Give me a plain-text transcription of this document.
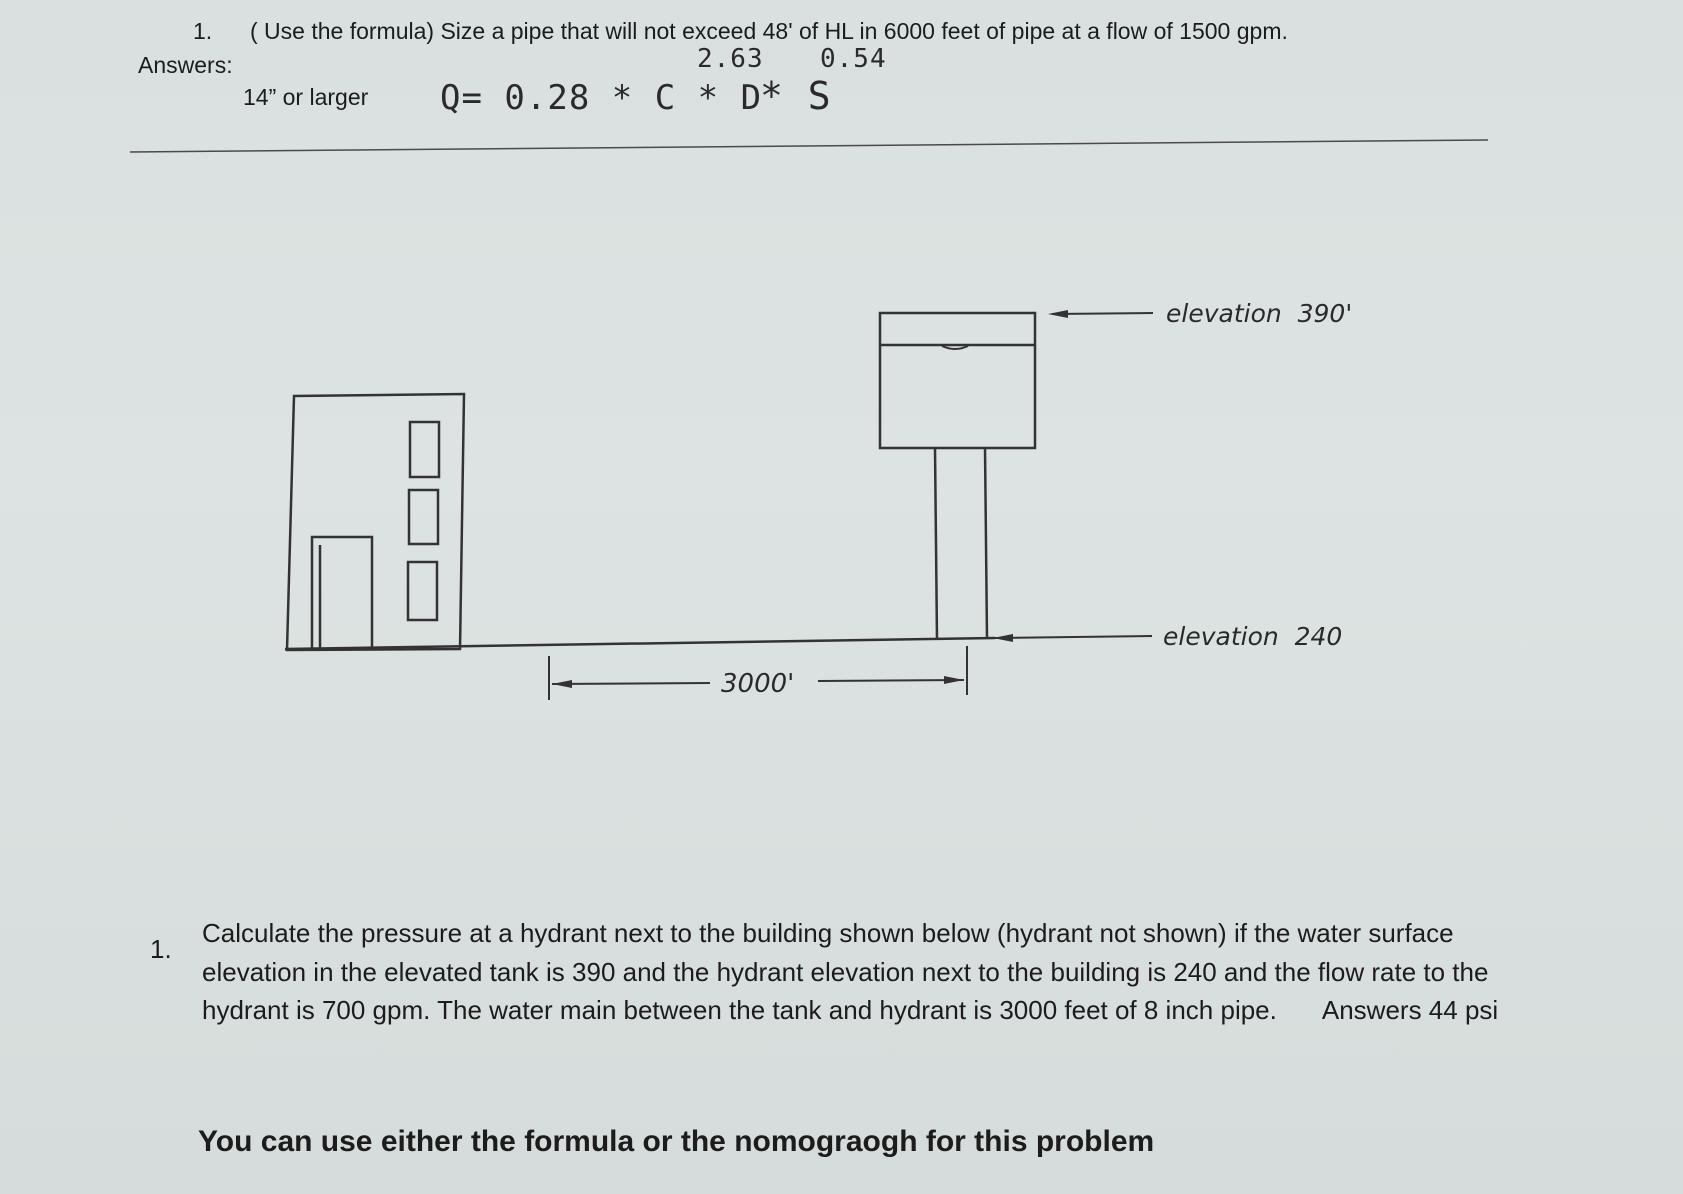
1. ( Use the formula) Size a pipe that will not exceed 48' of HL in 6000 feet of pipe at a flow of 1500 gpm.
Answers:
14” or larger Q= 0.28 * C * D
2.63
* S
0.54
elevation  390'
elevation  240
3000'
1.
Calculate the pressure at a hydrant next to the building shown below (hydrant not shown) if the water surface elevation in the elevated tank is 390 and the hydrant elevation next to the building is 240 and the flow rate to the hydrant is 700 gpm. The water main between the tank and hydrant is 3000 feet of 8 inch pipe. Answers 44 psi
You can use either the formula or the nomograogh for this problem
